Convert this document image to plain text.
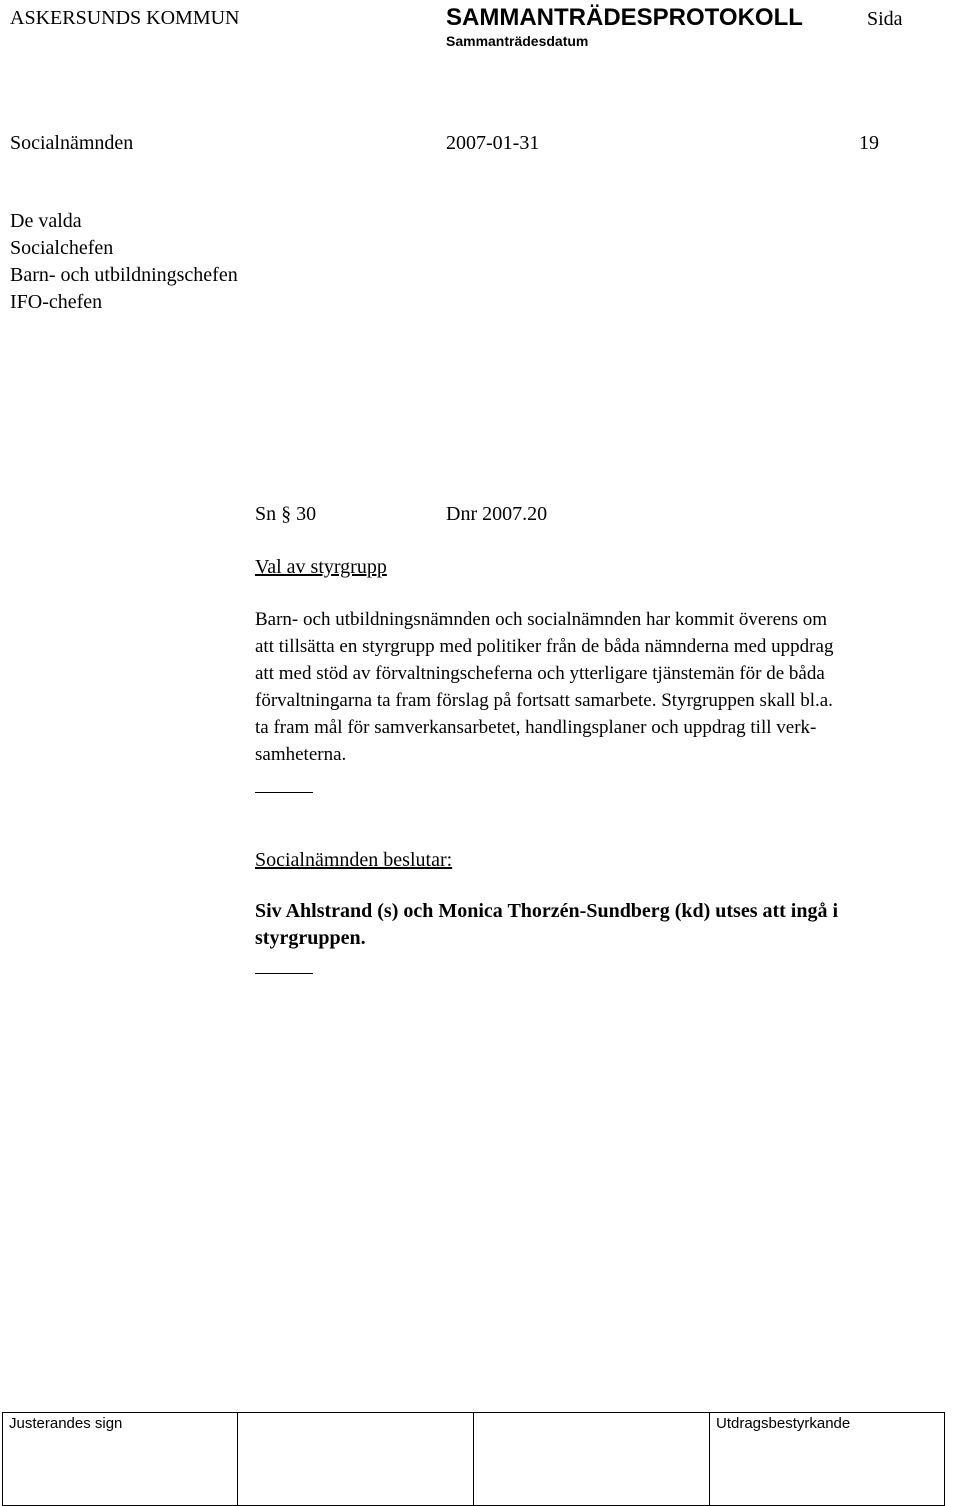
ASKERSUNDS KOMMUN	SAMMANTRÄDESPROTOKOLL	Sida
Sammanträdesdatum
Socialnämnden	2007-01-31	19
De valda
Socialchefen
Barn- och utbildningschefen
IFO-chefen
Sn § 30	Dnr 2007.20
Val av styrgrupp
Barn- och utbildningsnämnden och socialnämnden har kommit överens om
att tillsätta en styrgrupp med politiker från de båda nämnderna med uppdrag
att med stöd av förvaltningscheferna och ytterligare tjänstemän för de båda
förvaltningarna ta fram förslag på fortsatt samarbete. Styrgruppen skall bl.a.
ta fram mål för samverkansarbetet, handlingsplaner och uppdrag till verk-
samheterna.
Socialnämnden beslutar:
Siv Ahlstrand (s) och Monica Thorzén-Sundberg (kd) utses att ingå i
styrgruppen.
Justerandes sign			Utdragsbestyrkande
